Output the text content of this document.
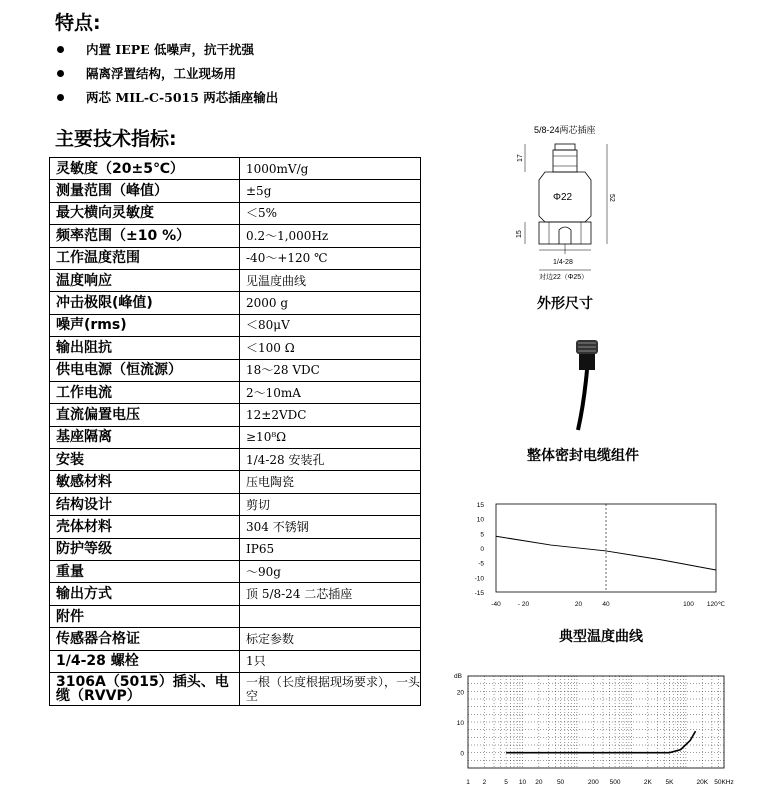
特点:
内置 IEPE 低噪声，抗干扰强
隔离浮置结构，工业现场用
两芯 MIL-C-5015 两芯插座输出
主要技术指标:
灵敏度（20±5℃）	1000mV/g
测量范围（峰值）	±5g
最大横向灵敏度	＜5%
频率范围（±10 %）	0.2～1,000Hz
工作温度范围	-40～+120 ℃
温度响应	见温度曲线
冲击极限(峰值)	2000 g
噪声(rms)	＜80μV
输出阻抗	＜100 Ω
供电电源（恒流源）	18～28 VDC
工作电流	2～10mA
直流偏置电压	12±2VDC
基座隔离	≥10⁸Ω
安装	1/4-28 安装孔
敏感材料	压电陶瓷
结构设计	剪切
壳体材料	304 不锈钢
防护等级	IP65
重量	～90g
输出方式	顶 5/8-24 二芯插座
附件	
传感器合格证	标定参数
1/4-28 螺栓	1只
3106A（5015）插头、电缆（RVVP）	一根（长度根据现场要求），一头空
5/8-24两芯插座
17
15
52
Φ22
1/4-28
对边22（Φ25）
外形尺寸
整体密封电缆组件
15
10
5
0
-5
-10
-15
-40	- 20	20	40	100 120℃
典型温度曲线
dB
20
10
0
1 2	5 10 20 50	200 500	2K 5K	20K 50KHz
